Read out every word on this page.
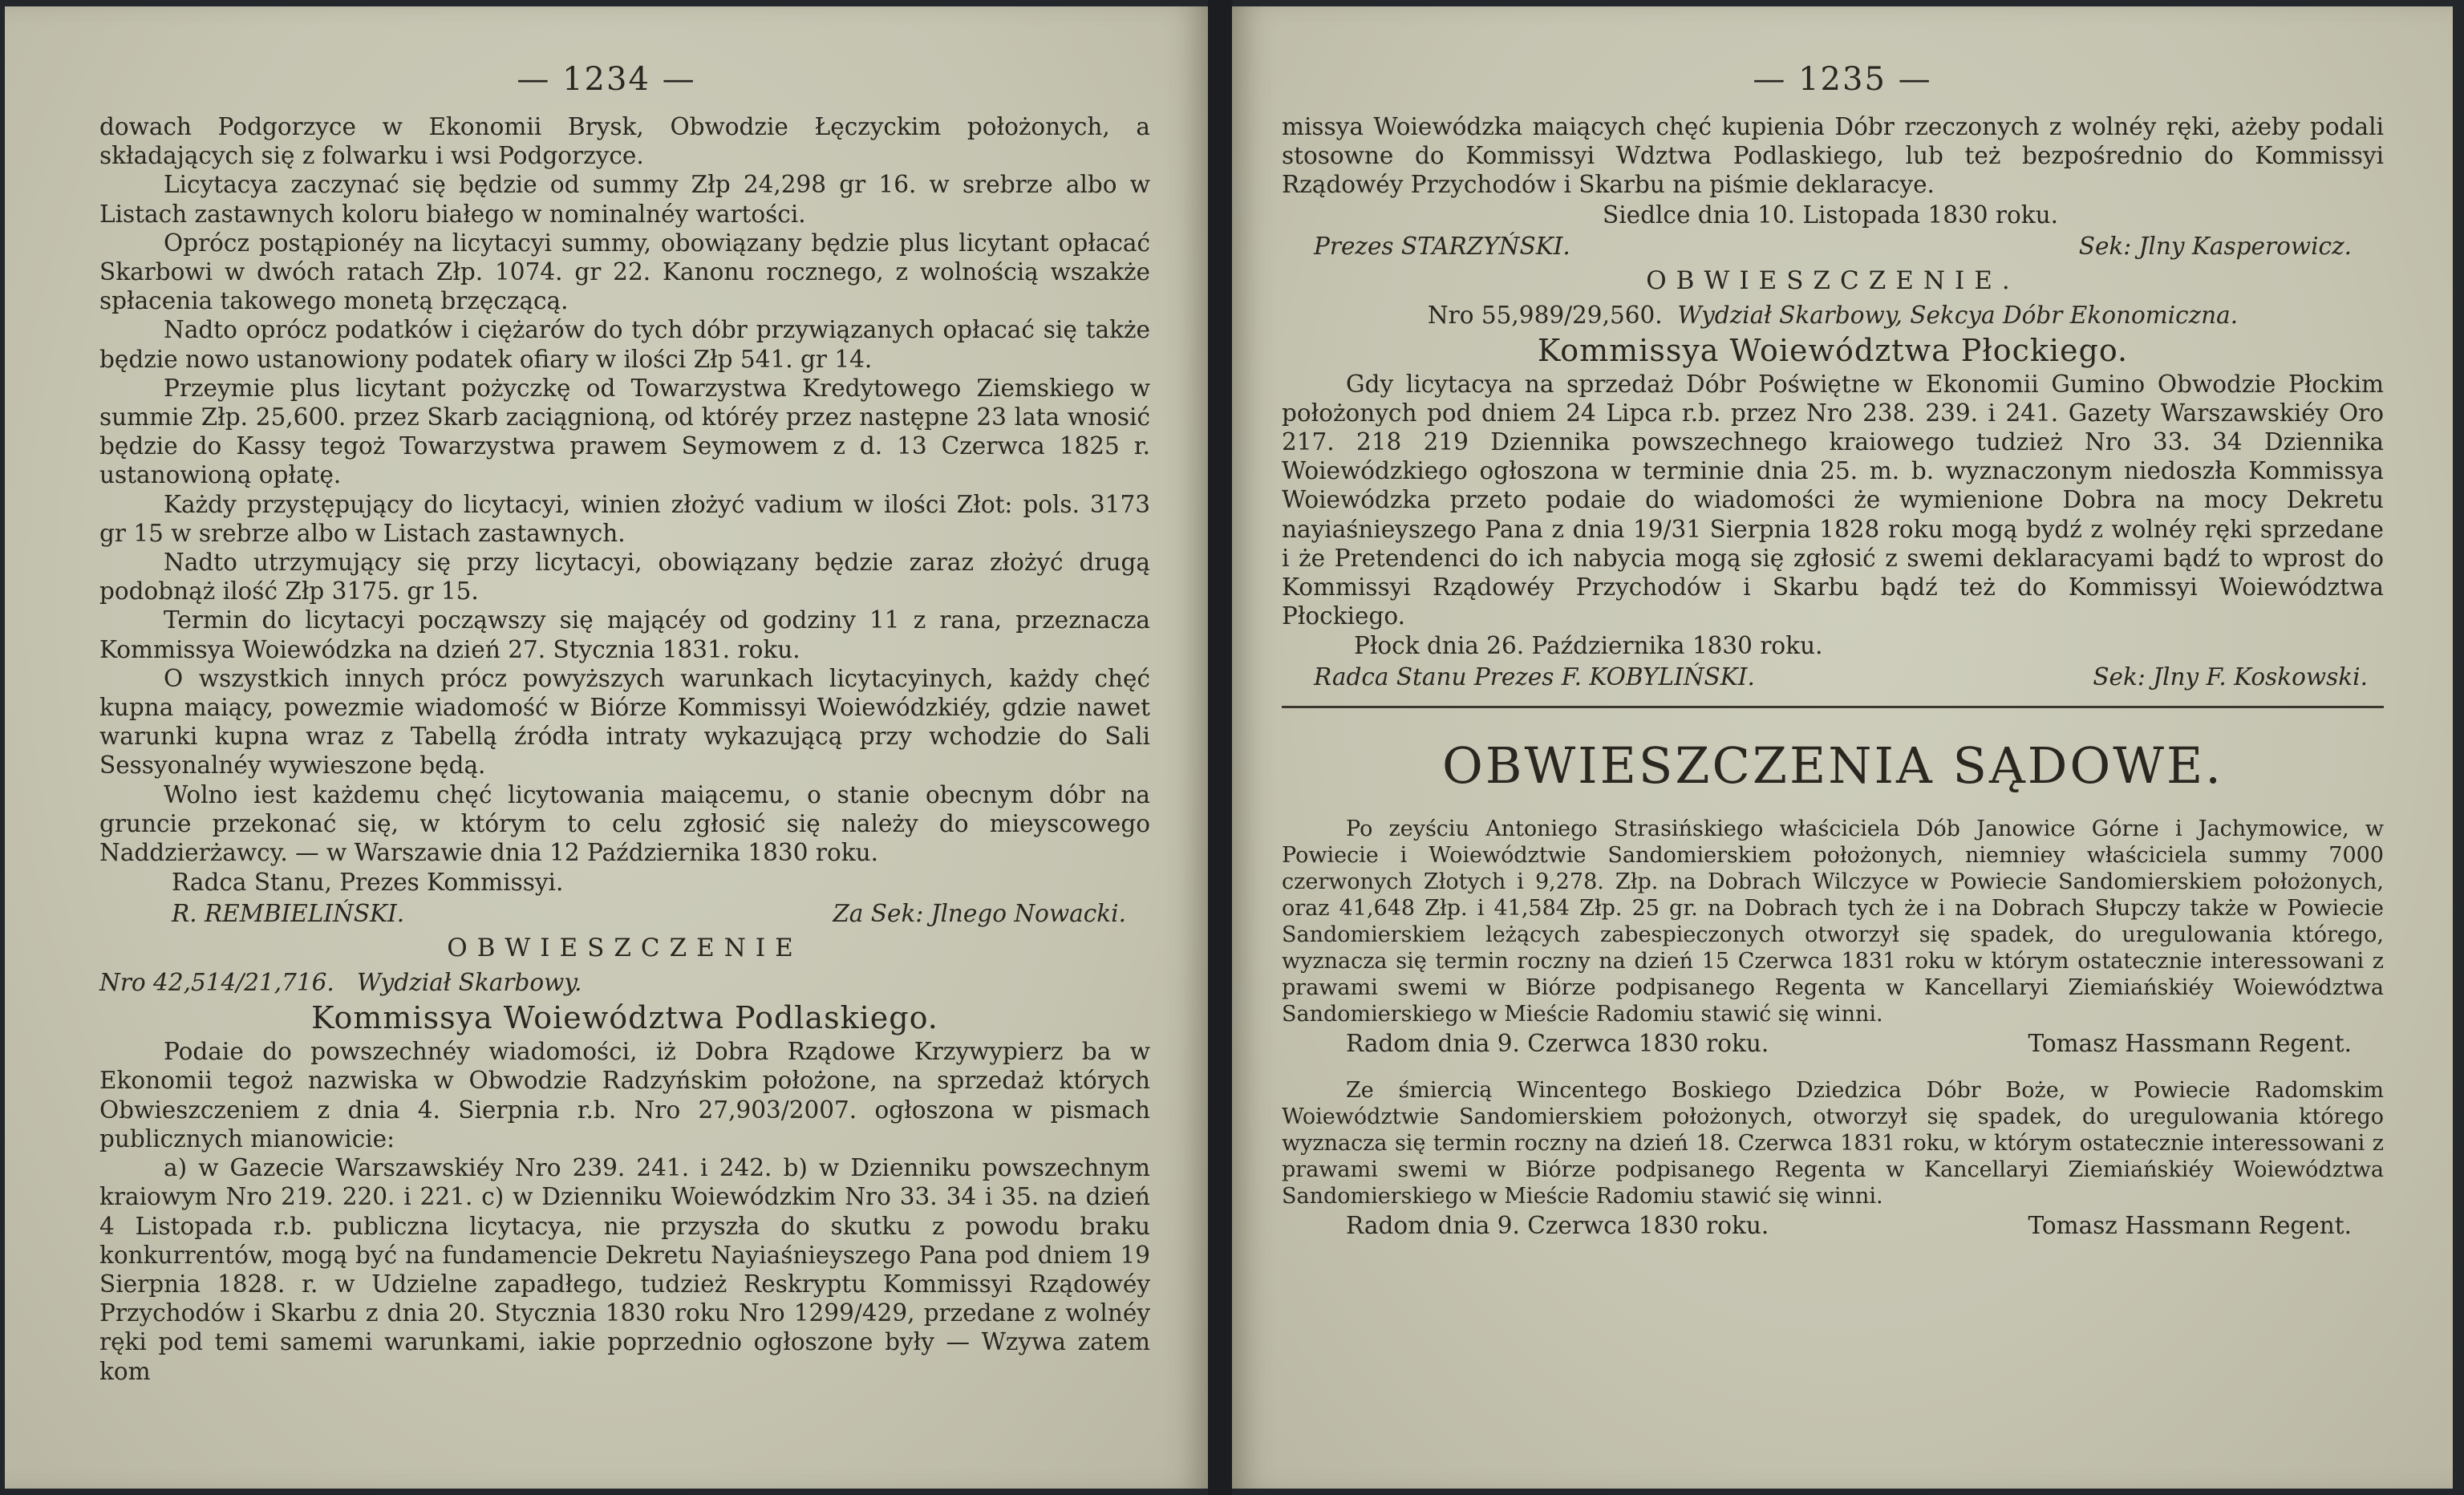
— 1234 —

dowach Podgorzyce w Ekonomii Brysk, Obwodzie Łęczyckim położonych, a składających się z folwarku i wsi Podgorzyce.

Licytacya zaczynać się będzie od summy Złp 24,298 gr 16. w srebrze albo w Listach zastawnych koloru białego w nominalnéy wartości.

Oprócz postąpionéy na licytacyi summy, obowiązany będzie plus licytant opłacać Skarbowi w dwóch ratach Złp. 1074. gr 22. Kanonu rocznego, z wolnością wszakże spłacenia takowego monetą brzęczącą.

Nadto oprócz podatków i ciężarów do tych dóbr przywiązanych opłacać się także będzie nowo ustanowiony podatek ofiary w ilości Złp 541. gr 14.

Przeymie plus licytant pożyczkę od Towarzystwa Kredytowego Ziemskiego w summie Złp. 25,600. przez Skarb zaciągnioną, od któréy przez następne 23 lata wnosić będzie do Kassy tegoż Towarzystwa prawem Seymowem z d. 13 Czerwca 1825 r. ustanowioną opłatę.

Każdy przystępujący do licytacyi, winien złożyć vadium w ilości Złot: pols. 3173 gr 15 w srebrze albo w Listach zastawnych.

Nadto utrzymujący się przy licytacyi, obowiązany będzie zaraz złożyć drugą podobnąż ilość Złp 3175. gr 15.

Termin do licytacyi począwszy się mającéy od godziny 11 z rana, przeznacza Kommissya Woiewódzka na dzień 27. Stycznia 1831. roku.

O wszystkich innych prócz powyższych warunkach licytacyinych, każdy chęć kupna maiący, powezmie wiadomość w Biórze Kommissyi Woiewódzkiéy, gdzie nawet warunki kupna wraz z Tabellą źródła intraty wykazującą przy wchodzie do Sali Sessyonalnéy wywieszone będą.

Wolno iest każdemu chęć licytowania maiącemu, o stanie obecnym dóbr na gruncie przekonać się, w którym to celu zgłosić się należy do mieyscowego Naddzierżawcy. — w Warszawie dnia 12 Października 1830 roku.

Radca Stanu, Prezes Kommissyi.
R. REMBIELIŃSKI.	Za Sek: Jlnego Nowacki.
OBWIESZCZENIE
Nro 42,514/21,716. Wydział Skarbowy.
Kommissya Woiewództwa Podlaskiego.

Podaie do powszechnéy wiadomości, iż Dobra Rządowe Krzywypierz ba w Ekonomii tegoż nazwiska w Obwodzie Radzyńskim położone, na sprzedaż których Obwieszczeniem z dnia 4. Sierpnia r.b. Nro 27,903/2007. ogłoszona w pismach publicznych mianowicie:

a) w Gazecie Warszawskiéy Nro 239. 241. i 242. b) w Dzienniku powszechnym kraiowym Nro 219. 220. i 221. c) w Dzienniku Woiewódzkim Nro 33. 34 i 35. na dzień 4 Listopada r.b. publiczna licytacya, nie przyszła do skutku z powodu braku konkurrentów, mogą być na fundamencie Dekretu Nayiaśnieyszego Pana pod dniem 19 Sierpnia 1828. r. w Udzielne zapadłego, tudzież Reskryptu Kommissyi Rządowéy Przychodów i Skarbu z dnia 20. Stycznia 1830 roku Nro 1299/429, przedane z wolnéy ręki pod temi samemi warunkami, iakie poprzednio ogłoszone były — Wzywa zatem kom

— 1235 —

missya Woiewódzka maiących chęć kupienia Dóbr rzeczonych z wolnéy ręki, ażeby podali stosowne do Kommissyi Wdztwa Podlaskiego, lub też bezpośrednio do Kommissyi Rządowéy Przychodów i Skarbu na piśmie deklaracye.

Siedlce dnia 10. Listopada 1830 roku.
Prezes STARZYŃSKI.	Sek: Jlny Kasperowicz.
OBWIESZCZENIE.
Nro 55,989/29,560. Wydział Skarbowy, Sekcya Dóbr Ekonomiczna.
Kommissya Woiewództwa Płockiego.

Gdy licytacya na sprzedaż Dóbr Poświętne w Ekonomii Gumino Obwodzie Płockim położonych pod dniem 24 Lipca r.b. przez Nro 238. 239. i 241. Gazety Warszawskiéy Oro 217. 218 219 Dziennika powszechnego kraiowego tudzież Nro 33. 34 Dziennika Woiewódzkiego ogłoszona w terminie dnia 25. m. b. wyznaczonym niedoszła Kommissya Woiewódzka przeto podaie do wiadomości że wymienione Dobra na mocy Dekretu nayiaśnieyszego Pana z dnia 19/31 Sierpnia 1828 roku mogą bydź z wolnéy ręki sprzedane i że Pretendenci do ich nabycia mogą się zgłosić z swemi deklaracyami bądź to wprost do Kommissyi Rządowéy Przychodów i Skarbu bądź też do Kommissyi Woiewództwa Płockiego.

Płock dnia 26. Października 1830 roku.
Radca Stanu Prezes F. KOBYLIŃSKI.	Sek: Jlny F. Koskowski.
OBWIESZCZENIA SĄDOWE.

Po zeyściu Antoniego Strasińskiego właściciela Dób Janowice Górne i Jachymowice, w Powiecie i Woiewództwie Sandomierskiem położonych, niemniey właściciela summy 7000 czerwonych Złotych i 9,278. Złp. na Dobrach Wilczyce w Powiecie Sandomierskiem położonych, oraz 41,648 Złp. i 41,584 Złp. 25 gr. na Dobrach tych że i na Dobrach Słupczy także w Powiecie Sandomierskiem leżących zabespieczonych otworzył się spadek, do uregulowania którego, wyznacza się termin roczny na dzień 15 Czerwca 1831 roku w którym ostatecznie interessowani z prawami swemi w Biórze podpisanego Regenta w Kancellaryi Ziemiańskiéy Woiewództwa Sandomierskiego w Mieście Radomiu stawić się winni.

Radom dnia 9. Czerwca 1830 roku.	Tomasz Hassmann Regent.

Ze śmiercią Wincentego Boskiego Dziedzica Dóbr Boże, w Powiecie Radomskim Woiewództwie Sandomierskiem położonych, otworzył się spadek, do uregulowania którego wyznacza się termin roczny na dzień 18. Czerwca 1831 roku, w którym ostatecznie interessowani z prawami swemi w Biórze podpisanego Regenta w Kancellaryi Ziemiańskiéy Woiewództwa Sandomierskiego w Mieście Radomiu stawić się winni.

Radom dnia 9. Czerwca 1830 roku.	Tomasz Hassmann Regent.
